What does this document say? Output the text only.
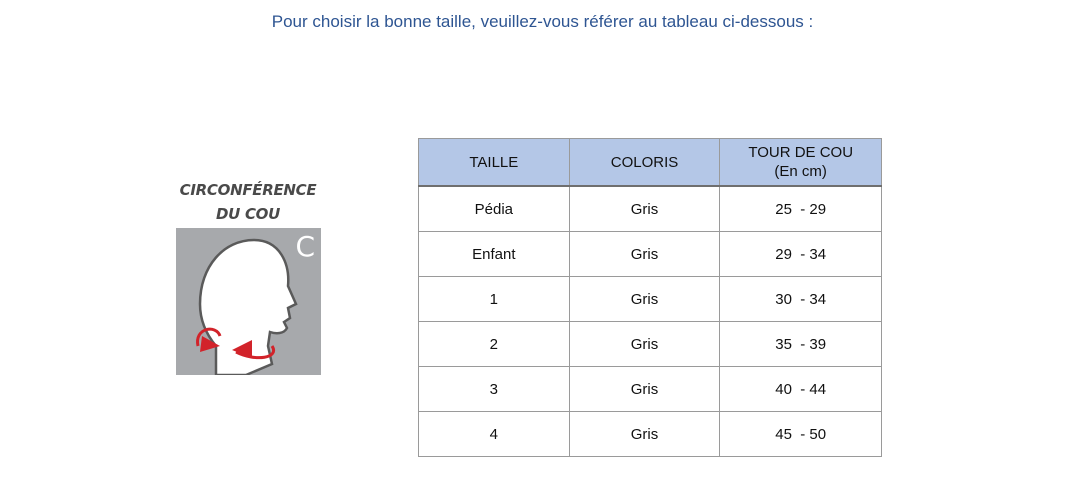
Pour choisir la bonne taille, veuillez-vous référer au tableau ci-dessous :
CIRCONFÉRENCE
DU COU
C
TAILLE	COLORIS	TOUR DE COU
(En cm)

Pédia	Gris	25  - 29
Enfant	Gris	29  - 34
1	Gris	30  - 34
2	Gris	35  - 39
3	Gris	40  - 44
4	Gris	45  - 50
